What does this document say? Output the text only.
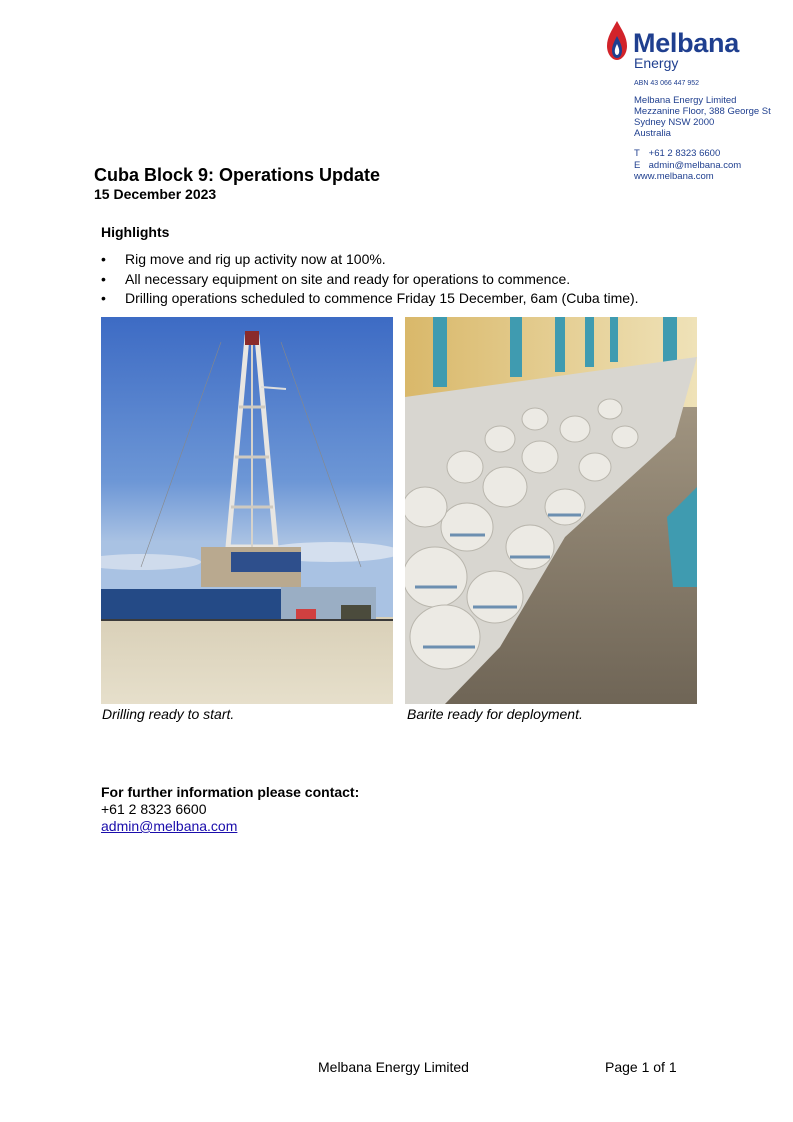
Melbana
Energy
ABN 43 066 447 952
Melbana Energy Limited
Mezzanine Floor, 388 George St
Sydney NSW 2000
Australia
T +61 2 8323 6600
E admin@melbana.com
www.melbana.com
Cuba Block 9: Operations Update
15 December 2023
Highlights
• Rig move and rig up activity now at 100%.
• All necessary equipment on site and ready for operations to commence.
• Drilling operations scheduled to commence Friday 15 December, 6am (Cuba time).
Drilling ready to start.	Barite ready for deployment.
For further information please contact:
+61 2 8323 6600
admin@melbana.com
Melbana Energy Limited	Page 1 of 1
